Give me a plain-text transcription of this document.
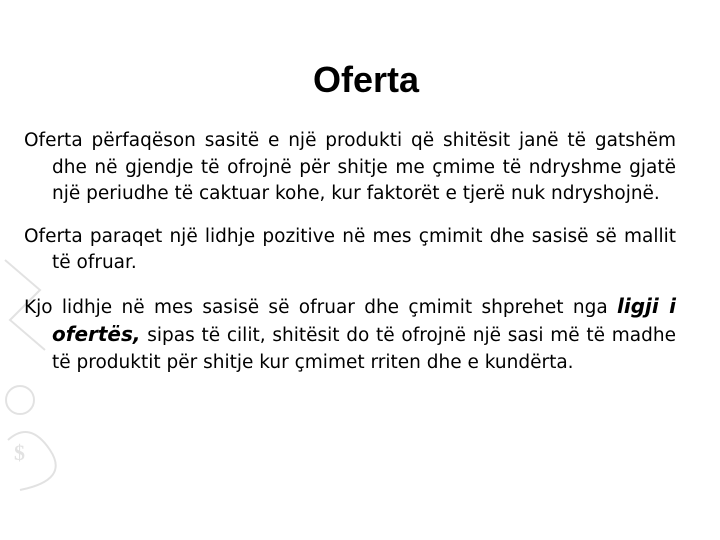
$
Oferta

Oferta përfaqëson sasitë e një produkti që shitësit janë të gatshëm dhe në gjendje të ofrojnë për shitje me çmime të ndryshme gjatë një periudhe të caktuar kohe, kur faktorët e tjerë nuk ndryshojnë.

Oferta paraqet një lidhje pozitive në mes çmimit dhe sasisë së mallit të ofruar.

Kjo lidhje në mes sasisë së ofruar dhe çmimit shprehet nga ligji i ofertës, sipas të cilit, shitësit do të ofrojnë një sasi më të madhe të produktit për shitje kur çmimet rriten dhe e kundërta.
